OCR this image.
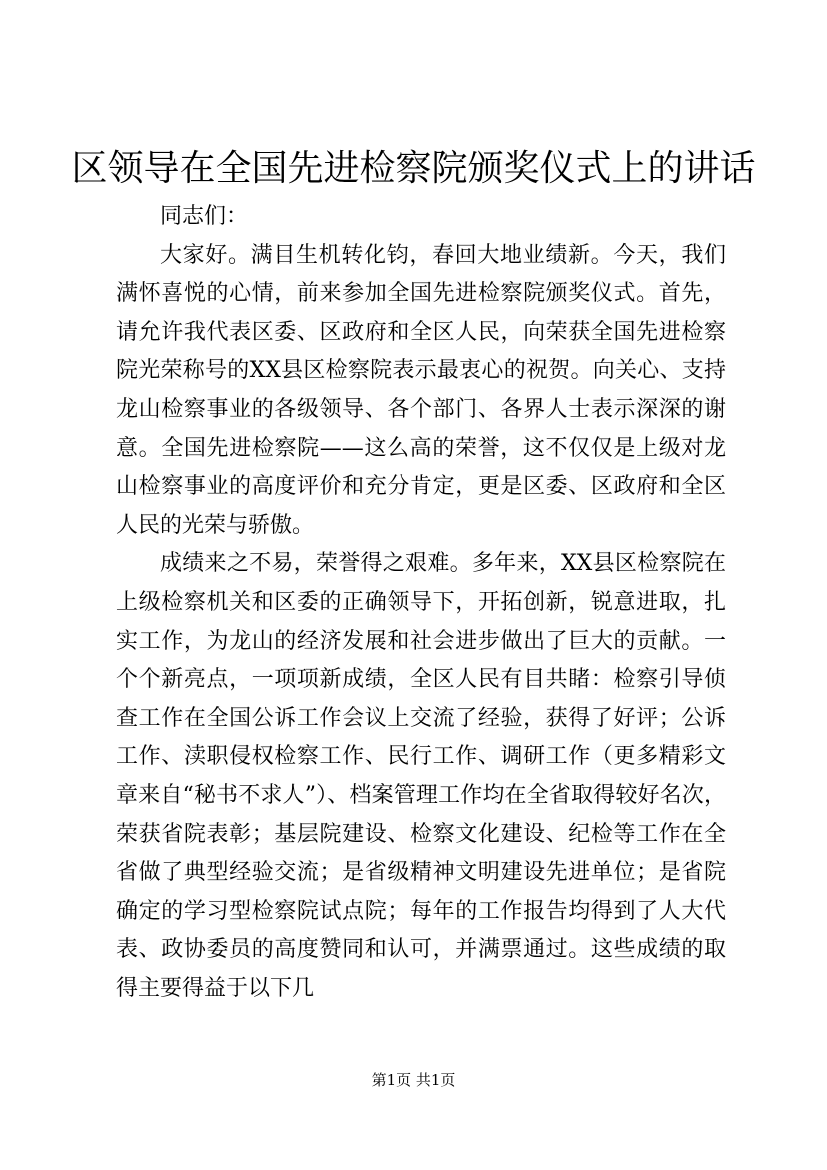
区领导在全国先进检察院颁奖仪式上的讲话

同志们：

大家好。满目生机转化钧，春回大地业绩新。今天，我们满怀喜悦的心情，前来参加全国先进检察院颁奖仪式。首先，请允许我代表区委、区政府和全区人民，向荣获全国先进检察院光荣称号的XX县区检察院表示最衷心的祝贺。向关心、支持龙山检察事业的各级领导、各个部门、各界人士表示深深的谢意。全国先进检察院——这么高的荣誉，这不仅仅是上级对龙山检察事业的高度评价和充分肯定，更是区委、区政府和全区人民的光荣与骄傲。

成绩来之不易，荣誉得之艰难。多年来，XX县区检察院在上级检察机关和区委的正确领导下，开拓创新，锐意进取，扎实工作，为龙山的经济发展和社会进步做出了巨大的贡献。一个个新亮点，一项项新成绩，全区人民有目共睹：检察引导侦查工作在全国公诉工作会议上交流了经验，获得了好评；公诉工作、渎职侵权检察工作、民行工作、调研工作（更多精彩文章来自“秘书不求人”）、档案管理工作均在全省取得较好名次，荣获省院表彰；基层院建设、检察文化建设、纪检等工作在全省做了典型经验交流；是省级精神文明建设先进单位；是省院确定的学习型检察院试点院；每年的工作报告均得到了人大代表、政协委员的高度赞同和认可，并满票通过。这些成绩的取得主要得益于以下几

第1页 共1页
